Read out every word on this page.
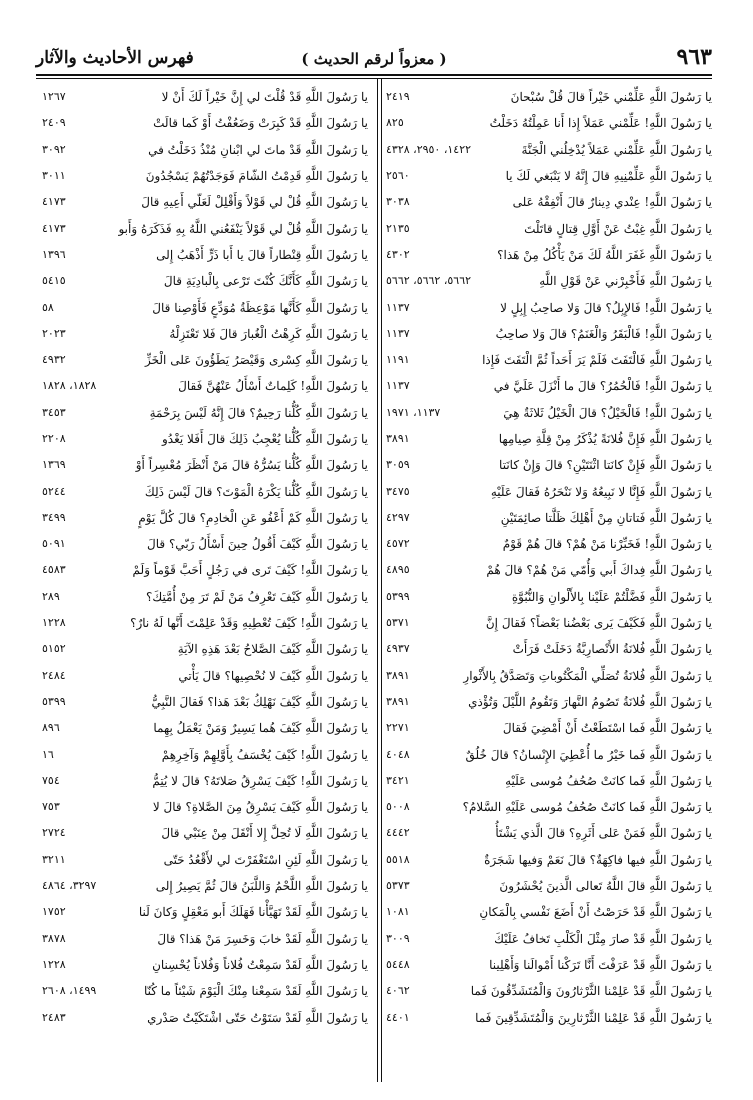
٩٦٣
( معزواً لرقم الحديث )
فهرس الأحاديث والآثار
يا رَسُولَ اللَّهِ عَلِّمْني خَيْراً قالَ قُلْ سُبْحانَ
٢٤١٩
يا رَسُولَ اللَّهِ! عَلِّمْني عَمَلاً إِذا أَنا عَمِلْتُهُ دَخَلْتُ
٨٢٥
يا رَسُولَ اللَّهِ عَلِّمْني عَمَلاً يُدْخِلُني الْجَنَّةَ
١٤٢٢، ٢٩٥٠، ٤٣٢٨
يا رَسُولَ اللَّهِ عَلِّمْنِيهِ قالَ إِنَّهُ لا يَنْبَغي لَكَ يا
٢٥٦٠
يا رَسُولَ اللَّهِ! عِنْدي دِينارٌ قالَ أَنْفِقْهُ عَلى
٣٠٣٨
يا رَسُولَ اللَّهِ غِبْتُ عَنْ أَوَّلِ قِتالٍ قاتَلْتَ
٢١٣٥
يا رَسُولَ اللَّهِ غَفَرَ اللَّهُ لَكَ مَنْ يَأْكُلُ مِنْ هَذا؟
٤٣٠٢
يا رَسُولَ اللَّهِ فَأَخْبِرْني عَنْ قَوْلِ اللَّهِ
٥٦٦٢، ٥٦٦٢، ٥٦٦٢
يا رَسُولَ اللَّهِ! فَالإِبِلُ؟ قالَ وَلا صاحِبُ إِبِلٍ لا
١١٣٧
يا رَسُولَ اللَّهِ! فَالْبَقَرُ وَالْغَنَمُ؟ قالَ وَلا صاحِبُ
١١٣٧
يا رَسُولَ اللَّهِ فَالْتَفَتَ فَلَمْ يَرَ أَحَداً ثُمَّ الْتَفَتَ فَإِذا
١١٩١
يا رَسُولَ اللَّهِ! فَالْحُمُرُ؟ قالَ ما أَنْزَلَ عَلَيَّ في
١١٣٧
يا رَسُولَ اللَّهِ! فَالْخَيْلُ؟ قالَ الْخَيْلُ ثَلاثَةٌ هِيَ
١١٣٧، ١٩٧١
يا رَسُولَ اللَّهِ فَإِنَّ فُلانَةً يُذْكَرُ مِنْ قِلَّةِ صِيامِها
٣٨٩١
يا رَسُولَ اللَّهِ فَإِنْ كانَتا اثْنَتَيْنِ؟ قالَ وَإِنْ كانَتا
٣٠٥٩
يا رَسُولَ اللَّهِ فَإِنَّا لا نَبِيعُهُ وَلا نَنْحَرُهُ فَقالَ عَلَيْهِ
٣٤٧٥
يا رَسُولَ اللَّهِ فَتاتانِ مِنْ أَهْلِكَ ظَلَّتا صائِمَتَيْنِ
٤٢٩٧
يا رَسُولَ اللَّهِ! فَخَبِّرْنا مَنْ هُمْ؟ قالَ هُمْ قَوْمٌ
٤٥٧٢
يا رَسُولَ اللَّهِ فِداكَ أَبي وَأُمّي مَنْ هُمْ؟ قالَ هُمْ
٤٨٩٥
يا رَسُولَ اللَّهِ فَضَّلْتُمْ عَلَيْنا بِالأَلْوانِ وَالنُّبُوَّةِ
٥٣٩٩
يا رَسُولَ اللَّهِ فَكَيْفَ يَرى بَعْضُنا بَعْضاً؟ فَقالَ إِنَّ
٥٣٧١
يا رَسُولَ اللَّهِ فُلانَةُ الأَنْصارِيَّةُ دَخَلَتْ فَرَأَتْ
٤٩٣٧
يا رَسُولَ اللَّهِ فُلانَةُ تُصَلِّي الْمَكْتُوباتِ وَتَصَدَّقُ بِالأَثْوارِ
٣٨٩١
يا رَسُولَ اللَّهِ فُلانَةُ تَصُومُ النَّهارَ وَتَقُومُ اللَّيْلَ وَتُؤْذي
٣٨٩١
يا رَسُولَ اللَّهِ فَما اسْتَطَعْتُ أَنْ أَمْضِيَ فَقالَ
٢٢٧١
يا رَسُولَ اللَّهِ فَما خَيْرُ ما أُعْطِيَ الإِنْسانُ؟ قالَ خُلُقٌ
٤٠٤٨
يا رَسُولَ اللَّهِ فَما كانَتْ صُحُفُ مُوسى عَلَيْهِ
٣٤٢١
يا رَسُولَ اللَّهِ فَما كانَتْ صُحُفُ مُوسى عَلَيْهِ السَّلامُ؟
٥٠٠٨
يا رَسُولَ اللَّهِ فَمَنْ عَلى أَثَرِهِ؟ قالَ الَّذي يَشْتَأُ
٤٤٤٢
يا رَسُولَ اللَّهِ فيها فاكِهَةٌ؟ قالَ نَعَمْ وَفيها شَجَرَةٌ
٥٥١٨
يا رَسُولَ اللَّهِ قالَ اللَّهُ تَعالى الَّذينَ يُحْشَرُونَ
٥٣٧٣
يا رَسُولَ اللَّهِ قَدْ حَرَصْتُ أَنْ أَضَعَ نَفْسي بِالْمَكانِ
١٠٨١
يا رَسُولَ اللَّهِ قَدْ صارَ مِثْلَ الْكَلْبِ تَخافُ عَلَيْكَ
٣٠٠٩
يا رَسُولَ اللَّهِ قَدْ عَرَفْتَ أَنَّا تَرَكْنا أَمْوالَنا وَأَهْلِينا
٥٤٤٨
يا رَسُولَ اللَّهِ قَدْ عَلِمْنا الثَّرْثارُونَ وَالْمُتَشَدِّقُونَ فَما
٤٠٦٢
يا رَسُولَ اللَّهِ قَدْ عَلِمْنا الثَّرْثارِينَ وَالْمُتَشَدِّقِينَ فَما
٤٤٠١
يا رَسُولَ اللَّهِ قَدْ قُلْتَ لي إِنَّ خَيْراً لَكَ أَنْ لا
١٢٦٧
يا رَسُولَ اللَّهِ قَدْ كَبِرَتْ وَضَعُفْتُ أَوْ كَما قالَتْ
٢٤٠٩
يا رَسُولَ اللَّهِ قَدْ ماتَ لي ابْنانِ مُنْذُ دَخَلْتُ في
٣٠٩٢
يا رَسُولَ اللَّهِ قَدِمْتُ الشّامَ فَوَجَدْتُهُمْ يَسْجُدُونَ
٣٠١١
يا رَسُولَ اللَّهِ قُلْ لي قَوْلاً وَأَقْلِلْ لَعَلّي أَعِيهِ قالَ
٤١٧٣
يا رَسُولَ اللَّهِ قُلْ لي قَوْلاً يَنْفَعُني اللَّهُ بِهِ فَذَكَرَهُ وَأَبو
٤١٧٣
يا رَسُولَ اللَّهِ قِنْطاراً قالَ يا أَبا ذَرٍّ أَذْهَبُ إِلى
١٣٩٦
يا رَسُولَ اللَّهِ كَأَنَّكَ كُنْتَ تَرْعى بِالْبادِيَةِ قالَ
٥٤١٥
يا رَسُولَ اللَّهِ كَأَنَّها مَوْعِظَةُ مُوَدِّعٍ فَأَوْصِنا قالَ
٥٨
يا رَسُولَ اللَّهِ كَرِهْتُ الْغُبارَ قالَ فَلا تَعْتَزِلْهُ
٢٠٢٣
يا رَسُولَ اللَّهِ كِسْرى وَقَيْصَرُ يَطَؤُونَ عَلى الْخَزِّ
٤٩٣٢
يا رَسُولَ اللَّهِ! كَلِماتٌ أَسْأَلُ عَنْهُنَّ فَقالَ
١٨٢٨، ١٨٢٨
يا رَسُولَ اللَّهِ كُلُّنا رَحِيمٌ؟ قالَ إِنَّهُ لَيْسَ بِرَحْمَةِ
٣٤٥٣
يا رَسُولَ اللَّهِ كُلُّنا يُعْجِبُ ذَلِكَ قالَ أَفَلا يَغْدُو
٢٢٠٨
يا رَسُولَ اللَّهِ كُلُّنا يَسُرُّهُ قالَ مَنْ أَنْظَرَ مُعْسِراً أَوْ
١٣٦٩
يا رَسُولَ اللَّهِ كُلُّنا يَكْرَهُ الْمَوْتَ؟ قالَ لَيْسَ ذَلِكَ
٥٢٤٤
يا رَسُولَ اللَّهِ كَمْ أَعْفُو عَنِ الْخادِمِ؟ قالَ كُلَّ يَوْمٍ
٣٤٩٩
يا رَسُولَ اللَّهِ كَيْفَ أَقُولُ حِينَ أَسْأَلُ رَبّي؟ قالَ
٥٠٩١
يا رَسُولَ اللَّهِ! كَيْفَ تَرى في رَجُلٍ أَحَبَّ قَوْماً وَلَمْ
٤٥٨٣
يا رَسُولَ اللَّهِ كَيْفَ تَعْرِفُ مَنْ لَمْ تَرَ مِنْ أُمَّتِكَ؟
٢٨٩
يا رَسُولَ اللَّهِ! كَيْفَ تُعْطِيهِ وَقَدْ عَلِمْتَ أَنَّها لَهُ نارٌ؟
١٢٢٨
يا رَسُولَ اللَّهِ كَيْفَ الصَّلاحُ بَعْدَ هَذِهِ الآيَةِ
٥١٥٢
يا رَسُولَ اللَّهِ كَيْفَ لا نُحْصِيها؟ قالَ يَأْتي
٢٤٨٤
يا رَسُولَ اللَّهِ كَيْفَ نَهْلِكُ بَعْدَ هَذا؟ فَقالَ النَّبِيُّ
٥٣٩٩
يا رَسُولَ اللَّهِ كَيْفَ هُما يَسِيرٌ وَمَنْ يَعْمَلُ بِهِما
٨٩٦
يا رَسُولَ اللَّهِ! كَيْفَ يُخْسَفُ بِأَوَّلِهِمْ وَآخِرِهِمْ
١٦
يا رَسُولَ اللَّهِ! كَيْفَ يَسْرِقُ صَلاتَهُ؟ قالَ لا يُتِمُّ
٧٥٤
يا رَسُولَ اللَّهِ كَيْفَ يَسْرِقُ مِنَ الصَّلاةِ؟ قالَ لا
٧٥٣
يا رَسُولَ اللَّهِ لَا تُحِلَّ إِلا أَنْقَلَ مِنْ عِنَبْي قالَ
٢٧٢٤
يا رَسُولَ اللَّهِ لَئِنِ اسْتَغْفَرْتَ لي لأَقْعُدُ حَتّى
٣٢١١
يا رَسُولَ اللَّهِ اللَّحْمُ وَاللَّبَنُ قالَ ثُمَّ يَصِيرُ إِلى
٣٢٩٧، ٤٨٦٤
يا رَسُولَ اللَّهِ لَقَدْ تَهَيَّأْنا فَهَلَكَ أَبو مَعْقِلٍ وَكانَ لَنا
١٧٥٢
يا رَسُولَ اللَّهِ لَقَدْ خابَ وَخَسِرَ مَنْ هَذا؟ قالَ
٣٨٧٨
يا رَسُولَ اللَّهِ لَقَدْ سَمِعْتُ فُلاناً وَفُلاناً يُحْسِنانِ
١٢٢٨
يا رَسُولَ اللَّهِ لَقَدْ سَمِعْنا مِنْكَ الْيَوْمَ شَيْئاً ما كُنّا
١٤٩٩، ٢٦٠٨
يا رَسُولَ اللَّهِ لَقَدْ سَتَوْتُ حَتّى اشْتَكَيْتُ صَدْري
٢٤٨٣
